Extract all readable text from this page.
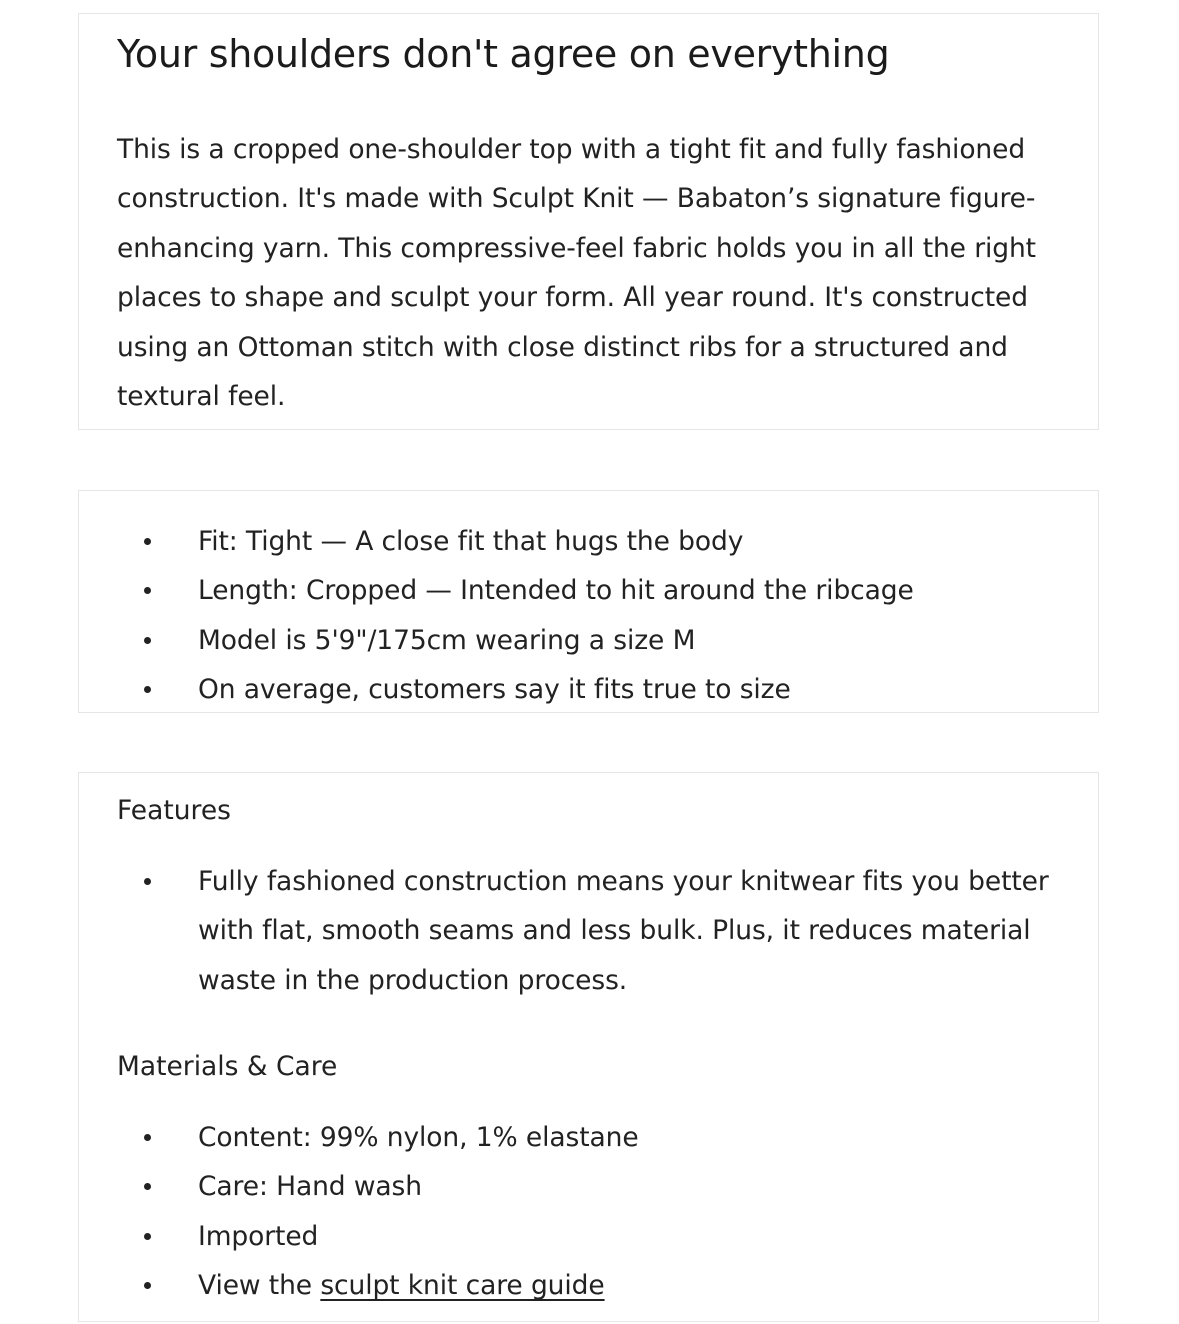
Your shoulders don't agree on everything

This is a cropped one-shoulder top with a tight fit and fully fashioned construction. It's made with Sculpt Knit — Babaton’s signature figure-enhancing yarn. This compressive-feel fabric holds you in all the right places to shape and sculpt your form. All year round. It's constructed using an Ottoman stitch with close distinct ribs for a structured and textural feel.

Fit: Tight — A close fit that hugs the body
Length: Cropped — Intended to hit around the ribcage
Model is 5'9"/175cm wearing a size M
On average, customers say it fits true to size
Features
Fully fashioned construction means your knitwear fits you better with flat, smooth seams and less bulk. Plus, it reduces material waste in the production process.
Materials & Care
Content: 99% nylon, 1% elastane
Care: Hand wash
Imported
View the sculpt knit care guide
